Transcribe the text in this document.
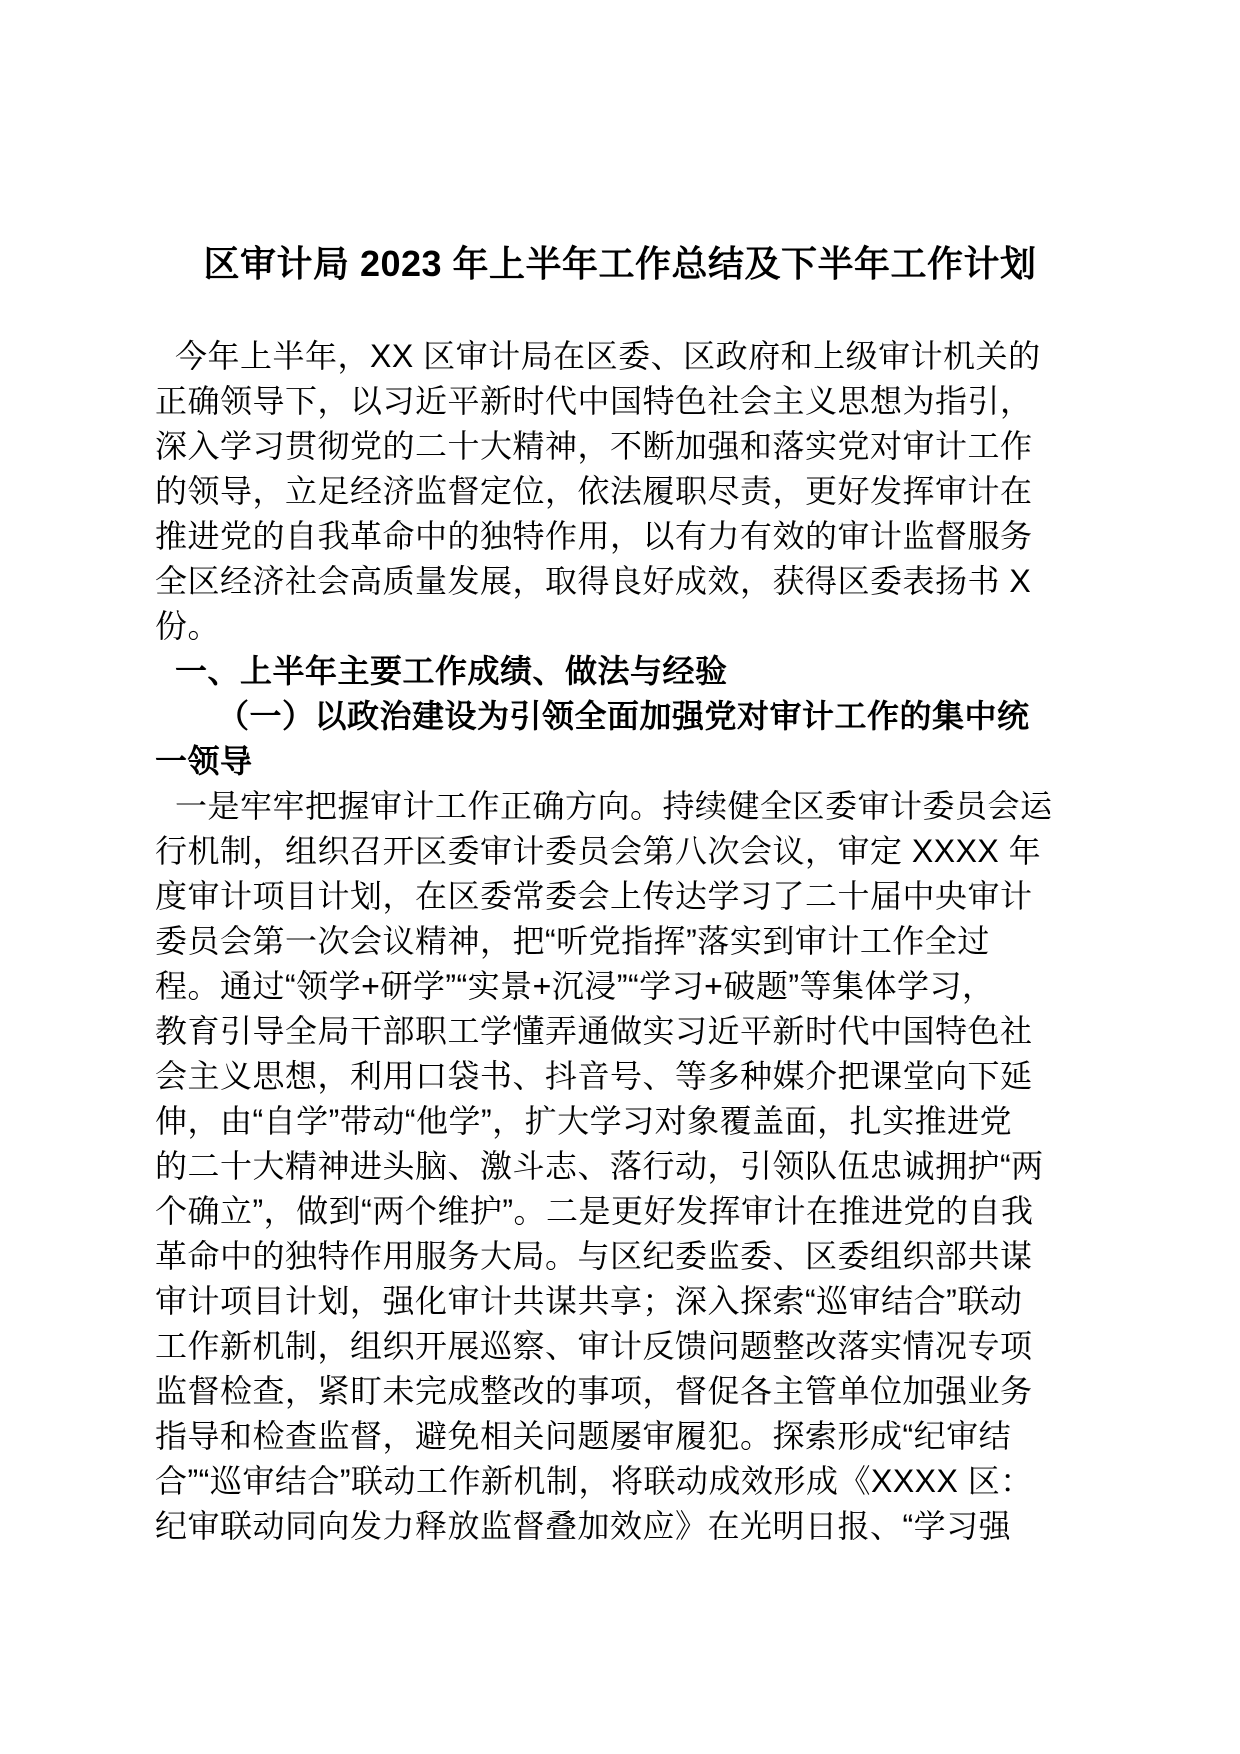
区审计局 2023 年上半年工作总结及下半年工作计划
今年上半年，XX 区审计局在区委、区政府和上级审计机关的
正确领导下，以习近平新时代中国特色社会主义思想为指引，
深入学习贯彻党的二十大精神，不断加强和落实党对审计工作
的领导，立足经济监督定位，依法履职尽责，更好发挥审计在
推进党的自我革命中的独特作用，以有力有效的审计监督服务
全区经济社会高质量发展，取得良好成效，获得区委表扬书 X
份。
一、上半年主要工作成绩、做法与经验
（一）以政治建设为引领全面加强党对审计工作的集中统
一领导
一是牢牢把握审计工作正确方向。持续健全区委审计委员会运
行机制，组织召开区委审计委员会第八次会议，审定 XXXX 年
度审计项目计划，在区委常委会上传达学习了二十届中央审计
委员会第一次会议精神，把“听党指挥”落实到审计工作全过
程。通过“领学+研学”“实景+沉浸”“学习+破题”等集体学习，
教育引导全局干部职工学懂弄通做实习近平新时代中国特色社
会主义思想，利用口袋书、抖音号、等多种媒介把课堂向下延
伸，由“自学”带动“他学”，扩大学习对象覆盖面，扎实推进党
的二十大精神进头脑、激斗志、落行动，引领队伍忠诚拥护“两
个确立”，做到“两个维护”。二是更好发挥审计在推进党的自我
革命中的独特作用服务大局。与区纪委监委、区委组织部共谋
审计项目计划，强化审计共谋共享；深入探索“巡审结合”联动
工作新机制，组织开展巡察、审计反馈问题整改落实情况专项
监督检查，紧盯未完成整改的事项，督促各主管单位加强业务
指导和检查监督，避免相关问题屡审履犯。探索形成“纪审结
合”“巡审结合”联动工作新机制，将联动成效形成《XXXX 区：
纪审联动同向发力释放监督叠加效应》在光明日报、“学习强
